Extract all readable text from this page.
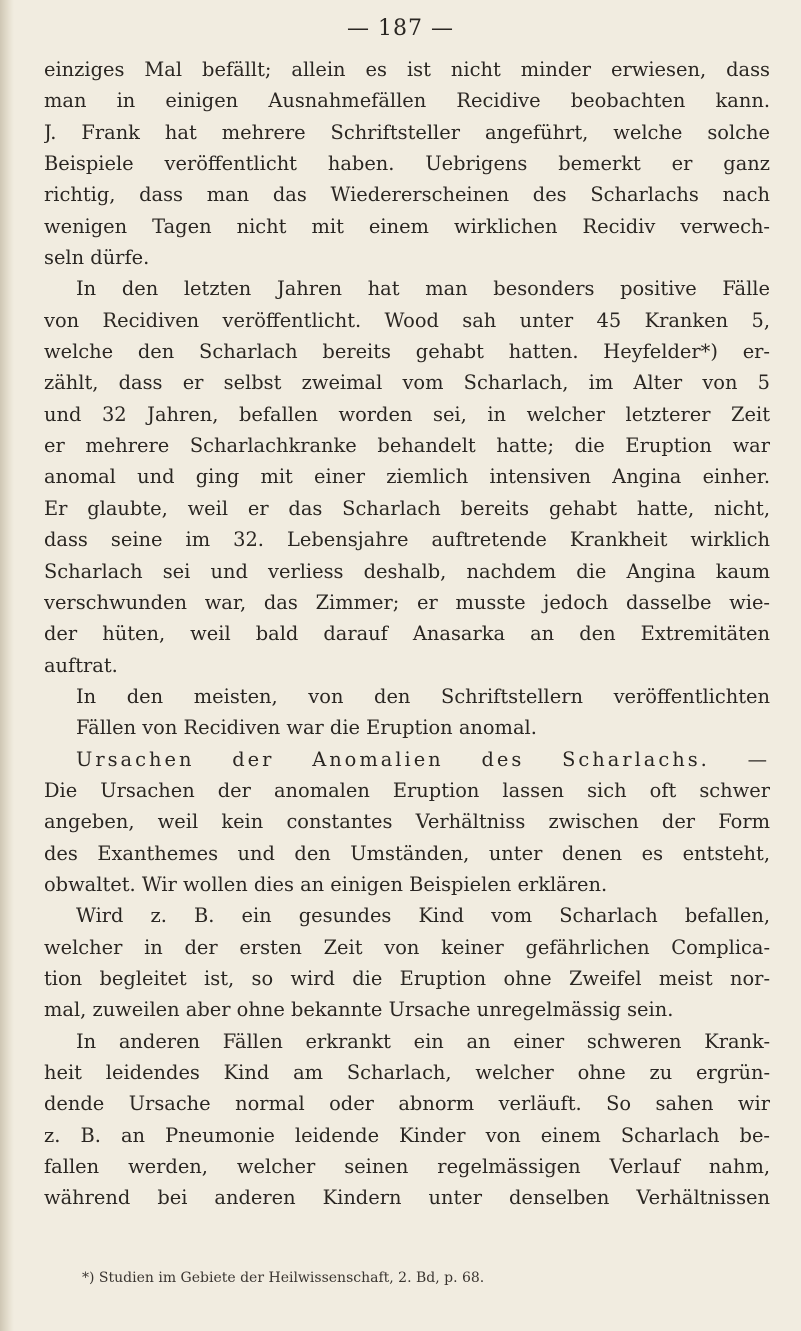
— 187 —
einziges Mal befällt; allein es ist nicht minder erwiesen, dass
man in einigen Ausnahmefällen Recidive beobachten kann.
J. Frank hat mehrere Schriftsteller angeführt, welche solche
Beispiele veröffentlicht haben. Uebrigens bemerkt er ganz
richtig, dass man das Wiedererscheinen des Scharlachs nach
wenigen Tagen nicht mit einem wirklichen Recidiv verwech-
seln dürfe.
In den letzten Jahren hat man besonders positive Fälle
von Recidiven veröffentlicht. Wood sah unter 45 Kranken 5,
welche den Scharlach bereits gehabt hatten. Heyfelder*) er-
zählt, dass er selbst zweimal vom Scharlach, im Alter von 5
und 32 Jahren, befallen worden sei, in welcher letzterer Zeit
er mehrere Scharlachkranke behandelt hatte; die Eruption war
anomal und ging mit einer ziemlich intensiven Angina einher.
Er glaubte, weil er das Scharlach bereits gehabt hatte, nicht,
dass seine im 32. Lebensjahre auftretende Krankheit wirklich
Scharlach sei und verliess deshalb, nachdem die Angina kaum
verschwunden war, das Zimmer; er musste jedoch dasselbe wie-
der hüten, weil bald darauf Anasarka an den Extremitäten
auftrat.
In den meisten, von den Schriftstellern veröffentlichten
Fällen von Recidiven war die Eruption anomal.
Ursachen der Anomalien des Scharlachs. —
Die Ursachen der anomalen Eruption lassen sich oft schwer
angeben, weil kein constantes Verhältniss zwischen der Form
des Exanthemes und den Umständen, unter denen es entsteht,
obwaltet. Wir wollen dies an einigen Beispielen erklären.
Wird z. B. ein gesundes Kind vom Scharlach befallen,
welcher in der ersten Zeit von keiner gefährlichen Complica-
tion begleitet ist, so wird die Eruption ohne Zweifel meist nor-
mal, zuweilen aber ohne bekannte Ursache unregelmässig sein.
In anderen Fällen erkrankt ein an einer schweren Krank-
heit leidendes Kind am Scharlach, welcher ohne zu ergrün-
dende Ursache normal oder abnorm verläuft. So sahen wir
z. B. an Pneumonie leidende Kinder von einem Scharlach be-
fallen werden, welcher seinen regelmässigen Verlauf nahm,
während bei anderen Kindern unter denselben Verhältnissen
*) Studien im Gebiete der Heilwissenschaft, 2. Bd, p. 68.
